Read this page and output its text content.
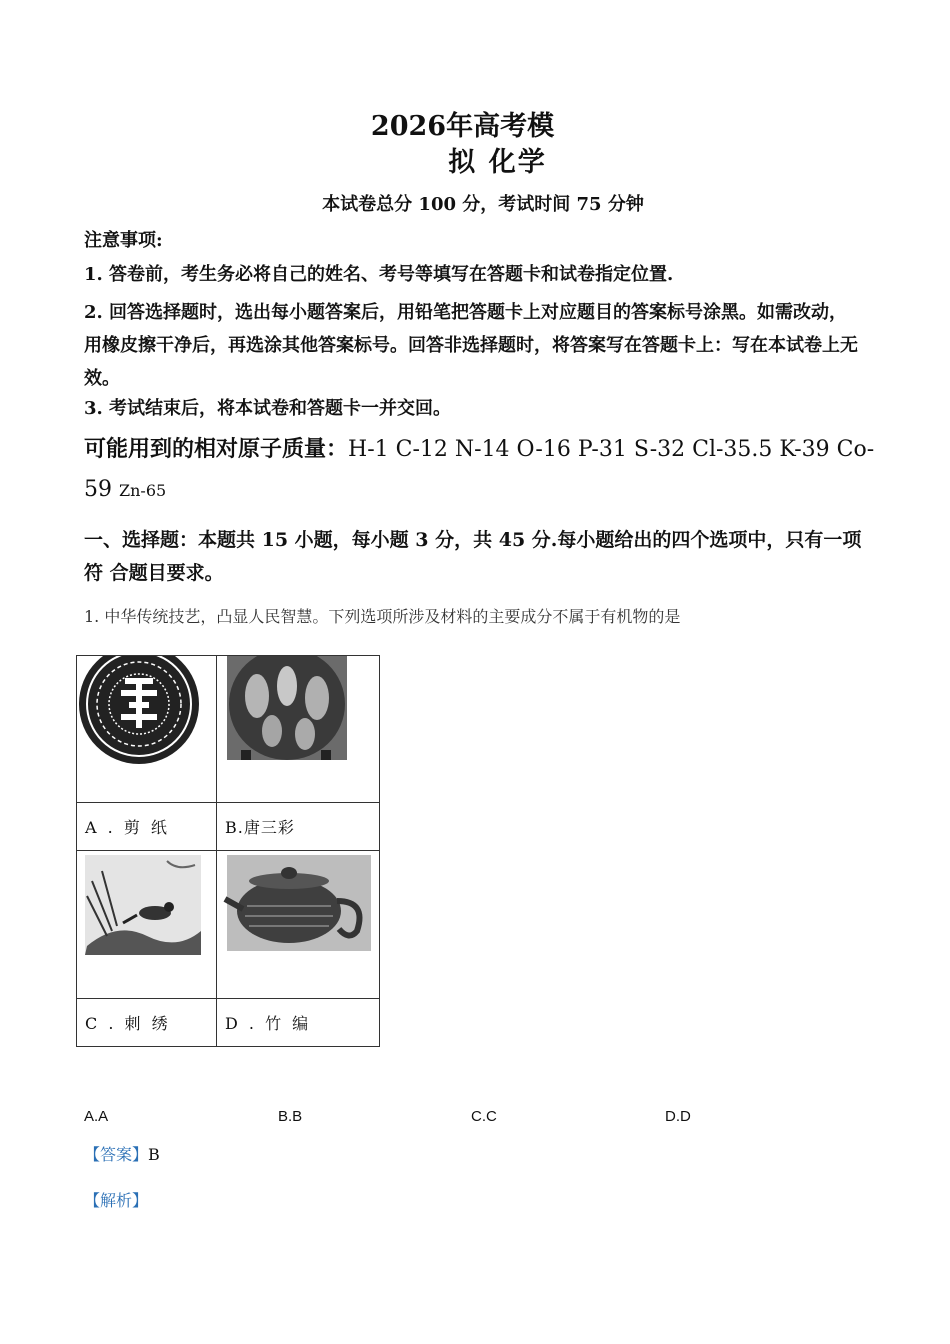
2026年高考模
拟 化学
本试卷总分 100 分，考试时间 75 分钟
注意事项:
1. 答卷前，考生务必将自己的姓名、考号等填写在答题卡和试卷指定位置.
2. 回答选择题时，选出每小题答案后，用铅笔把答题卡上对应题目的答案标号涂黑。如需改动，用橡皮擦干净后，再选涂其他答案标号。回答非选择题时，将答案写在答题卡上：写在本试卷上无效。
3. 考试结束后，将本试卷和答题卡一并交回。
可能用到的相对原子质量：H-1 C-12 N-14 O-16 P-31 S-32 Cl-35.5 K-39 Co-
59 Zn-65
一、选择题：本题共 15 小题，每小题 3 分，共 45 分.每小题给出的四个选项中，只有一项符 合题目要求。
1. 中华传统技艺，凸显人民智慧。下列选项所涉及材料的主要成分不属于有机物的是

A . 剪 纸	B.唐三彩

C . 刺 绣	D . 竹 编
A.A	B.B	C.C	D.D
【答案】B
【解析】
